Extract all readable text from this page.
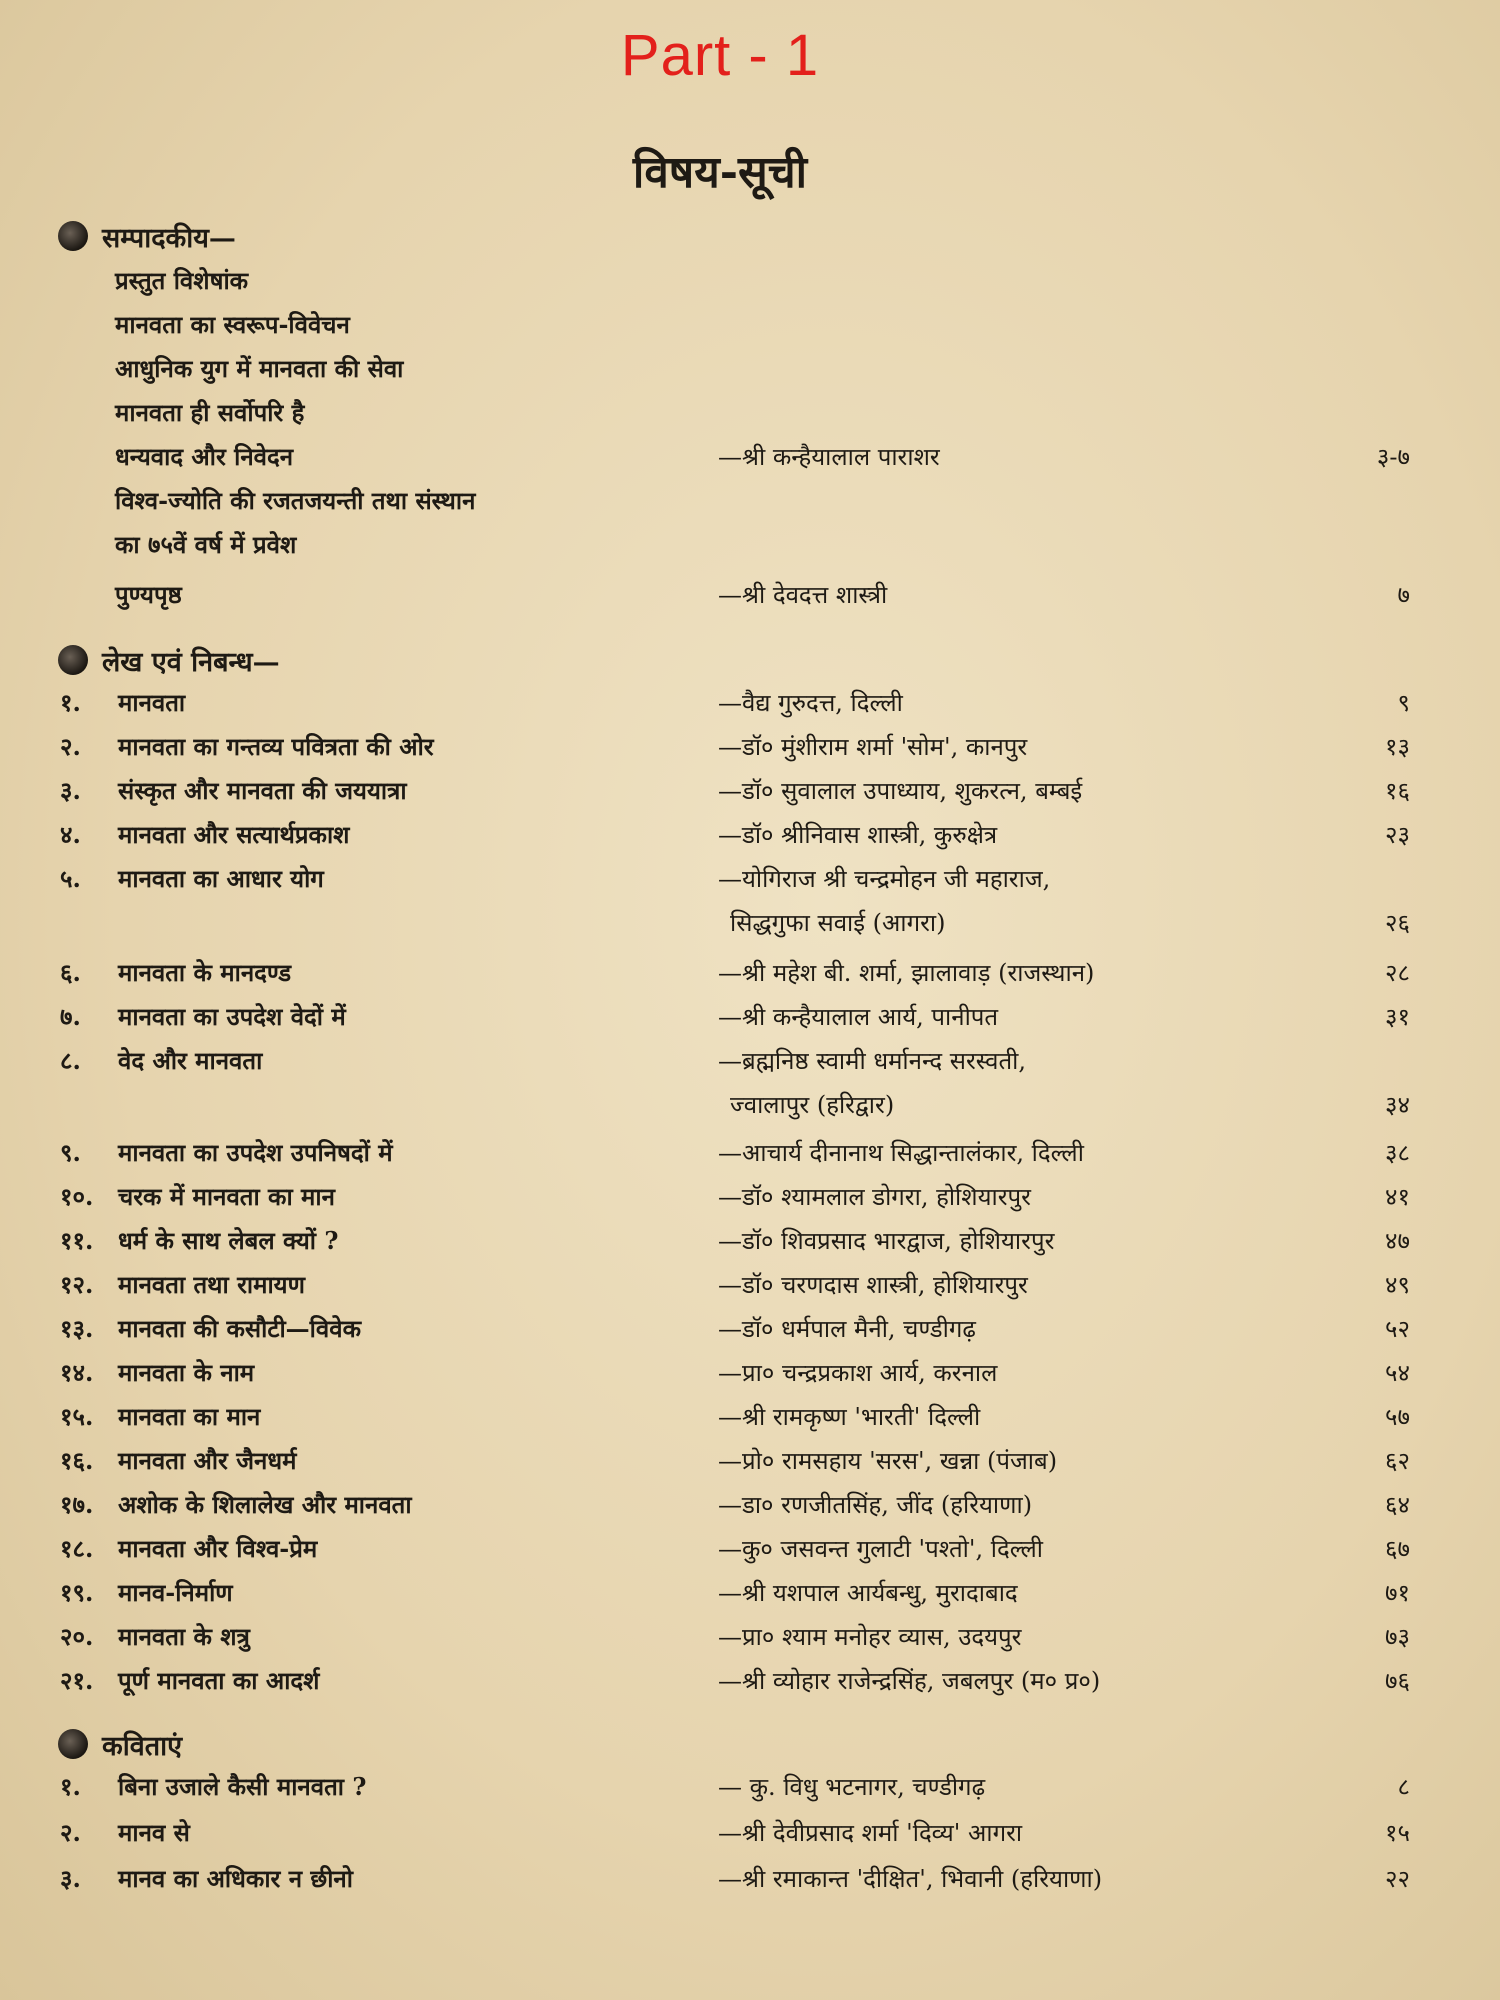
Part - 1
विषय-सूची
सम्पादकीय—
प्रस्तुत विशेषांक
मानवता का स्वरूप-विवेचन
आधुनिक युग में मानवता की सेवा
मानवता ही सर्वोपरि है
धन्यवाद और निवेदन	—श्री कन्हैयालाल पाराशर	३-७
विश्व-ज्योति की रजतजयन्ती तथा संस्थान
का ७५वें वर्ष में प्रवेश
पुण्यपृष्ठ	—श्री देवदत्त शास्त्री	७
लेख एवं निबन्ध—
१.	मानवता	—वैद्य गुरुदत्त, दिल्ली	९
२.	मानवता का गन्तव्य पवित्रता की ओर	—डॉ० मुंशीराम शर्मा 'सोम', कानपुर	१३
३.	संस्कृत और मानवता की जययात्रा	—डॉ० सुवालाल उपाध्याय, शुकरत्न, बम्बई	१६
४.	मानवता और सत्यार्थप्रकाश	—डॉ० श्रीनिवास शास्त्री, कुरुक्षेत्र	२३
५.	मानवता का आधार योग	—योगिराज श्री चन्द्रमोहन जी महाराज,
सिद्धगुफा सवाई (आगरा)	२६
६.	मानवता के मानदण्ड	—श्री महेश बी. शर्मा, झालावाड़ (राजस्थान)	२८
७.	मानवता का उपदेश वेदों में	—श्री कन्हैयालाल आर्य, पानीपत	३१
८.	वेद और मानवता	—ब्रह्मनिष्ठ स्वामी धर्मानन्द सरस्वती,
ज्वालापुर (हरिद्वार)	३४
९.	मानवता का उपदेश उपनिषदों में	—आचार्य दीनानाथ सिद्धान्तालंकार, दिल्ली	३८
१०.	चरक में मानवता का मान	—डॉ० श्यामलाल डोगरा, होशियारपुर	४१
११.	धर्म के साथ लेबल क्यों ?	—डॉ० शिवप्रसाद भारद्वाज, होशियारपुर	४७
१२.	मानवता तथा रामायण	—डॉ० चरणदास शास्त्री, होशियारपुर	४९
१३.	मानवता की कसौटी—विवेक	—डॉ० धर्मपाल मैनी, चण्डीगढ़	५२
१४.	मानवता के नाम	—प्रा० चन्द्रप्रकाश आर्य, करनाल	५४
१५.	मानवता का मान	—श्री रामकृष्ण 'भारती' दिल्ली	५७
१६.	मानवता और जैनधर्म	—प्रो० रामसहाय 'सरस', खन्ना (पंजाब)	६२
१७.	अशोक के शिलालेख और मानवता	—डा० रणजीतसिंह, जींद (हरियाणा)	६४
१८.	मानवता और विश्व-प्रेम	—कु० जसवन्त गुलाटी 'पश्तो', दिल्ली	६७
१९.	मानव-निर्माण	—श्री यशपाल आर्यबन्धु, मुरादाबाद	७१
२०.	मानवता के शत्रु	—प्रा० श्याम मनोहर व्यास, उदयपुर	७३
२१.	पूर्ण मानवता का आदर्श	—श्री व्योहार राजेन्द्रसिंह, जबलपुर (म० प्र०)	७६
कविताएं
१.	बिना उजाले कैसी मानवता ?	— कु. विधु भटनागर, चण्डीगढ़	८
२.	मानव से	—श्री देवीप्रसाद शर्मा 'दिव्य' आगरा	१५
३.	मानव का अधिकार न छीनो	—श्री रमाकान्त 'दीक्षित', भिवानी (हरियाणा)	२२
